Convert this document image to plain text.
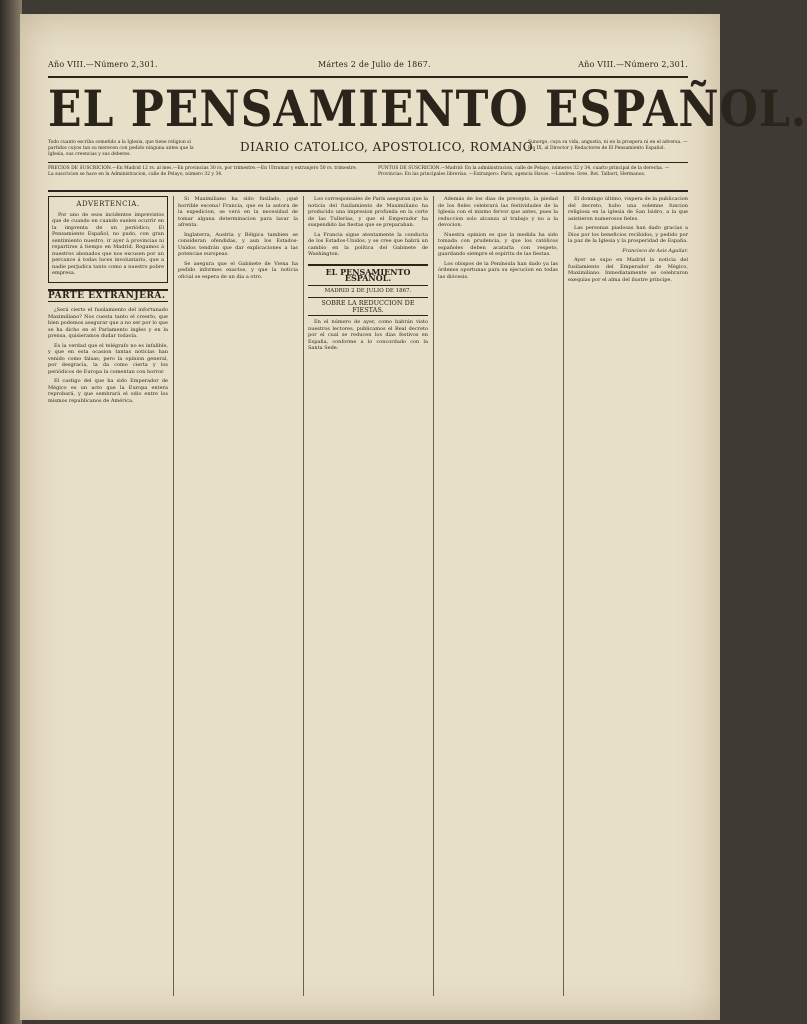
Año VIII.—Número 2,301.	Mártes 2 de Julio de 1867.	Año VIII.—Número 2,301.
EL PENSAMIENTO ESPAÑOL.
Todo cuanto escriba sometido a la Iglesia, que tiene religion si partidos cuyos tan su merecen con pedido ninguna antes que la Iglesia, sus creencias y sus deberes.
DIARIO CATOLICO, APOSTOLICO, ROMANO.
Sunorgo, cuya su vida, angustia, ni en la prospera ni en el adversa. —Pio IX, al Director y Redactores de El Pensamiento Español.
PRECIOS DE SUSCRICION.—En Madrid 12 rs. al mes.—En provincias 30 rs. por trimestre.—En Ultramar y extranjero 50 rs. trimestre. La suscricion se hace en la Administracion, calle de Pelayo, número 32 y 34.
PUNTOS DE SUSCRICION.—Madrid: En la administracion, calle de Pelayo, números 32 y 34, cuarto principal de la derecha. —Provincias: En las principales librerías. —Extranjero: París, agencia Havas. —Londres: Sres. Rot. Talbort, Hermanos.
ADVERTENCIA.

Por uno de esos incidentes imprevistos que de cuando en cuando suelen ocurrir en la imprenta de un periódico, El Pensamiento Español, no pudo, con gran sentimiento nuestro, ir ayer á provincias ni repartirse á tiempo en Madrid. Rogamos á nuestros abonados que nos excusen por un percance á todas luces involuntario, que a nadie perjudica tanto como a nuestro pobre empresa.

PARTE EXTRANJERA.

¿Será cierto el fusilamiento del infortunado Maximiliano? Nos cuesta tanto el creerlo, que bien podemos asegurar que a no ser por lo que se ha dicho en el Parlamento ingles y en la prensa, quisieramos dudar todavía.

Es la verdad que el telégrafo no es infalible, y que en esta ocasion tantas noticias han venido como falsas; pero la opinion general, por desgracia, la da como cierta y los periódicos de Europa la comentan con horror.

El castigo del que ha sido Emperador de Mégico es un acto que la Europa entera reprobará, y que sembrará el odio entre los mismos republicanos de América.

Si Maximiliano ha sido fusilado, ¡qué horrible escena! Francia, que es la autora de la expedicion, se verá en la necesidad de tomar alguna determinacion para lavar la afrenta.

Inglaterra, Austria y Bélgica tambien se consideran ofendidas, y aun los Estados-Unidos tendrán que dar explicaciones a las potencias europeas.

Se asegura que el Gabinete de Viena ha pedido informes exactos, y que la noticia oficial se espera de un dia a otro.

Los corresponsales de París aseguran que la noticia del fusilamiento de Maximiliano ha producido una impresion profunda en la corte de las Tullerías, y que el Emperador ha suspendido las fiestas que se preparaban.

La Francia sigue atentamente la conducta de los Estados-Unidos, y se cree que habrá un cambio en la política del Gabinete de Washington.

EL PENSAMIENTO ESPAÑOL.
MADRID 2 DE JULIO DE 1867.
SOBRE LA REDUCCION DE FIESTAS.

En el número de ayer, como habrán visto nuestros lectores, publicamos el Real decreto por el cual se reducen los dias festivos en España, conforme a lo concordado con la Santa Sede.

Además de los dias de precepto, la piedad de los fieles celebrará las festividades de la Iglesia con el mismo fervor que antes, pues la reduccion solo alcanza al trabajo y no a la devocion.

Nuestra opinion es que la medida ha sido tomada con prudencia, y que los católicos españoles deben acatarla con respeto, guardando siempre el espíritu de las fiestas.

Los obispos de la Península han dado ya las órdenes oportunas para su ejecucion en todas las diócesis.

El domingo último, vispera de la publicacion del decreto, hubo una solemne funcion religiosa en la iglesia de San Isidro, a la que asistieron numerosos fieles.

Las personas piadosas han dado gracias a Dios por los beneficios recibidos, y pedido por la paz de la Iglesia y la prosperidad de España.

Francisco de Asis Aguilar.

Ayer se supo en Madrid la noticia del fusilamiento del Emperador de Mégico, Maximiliano. Inmediatamente se celebraron exequias por el alma del ilustre príncipe.
